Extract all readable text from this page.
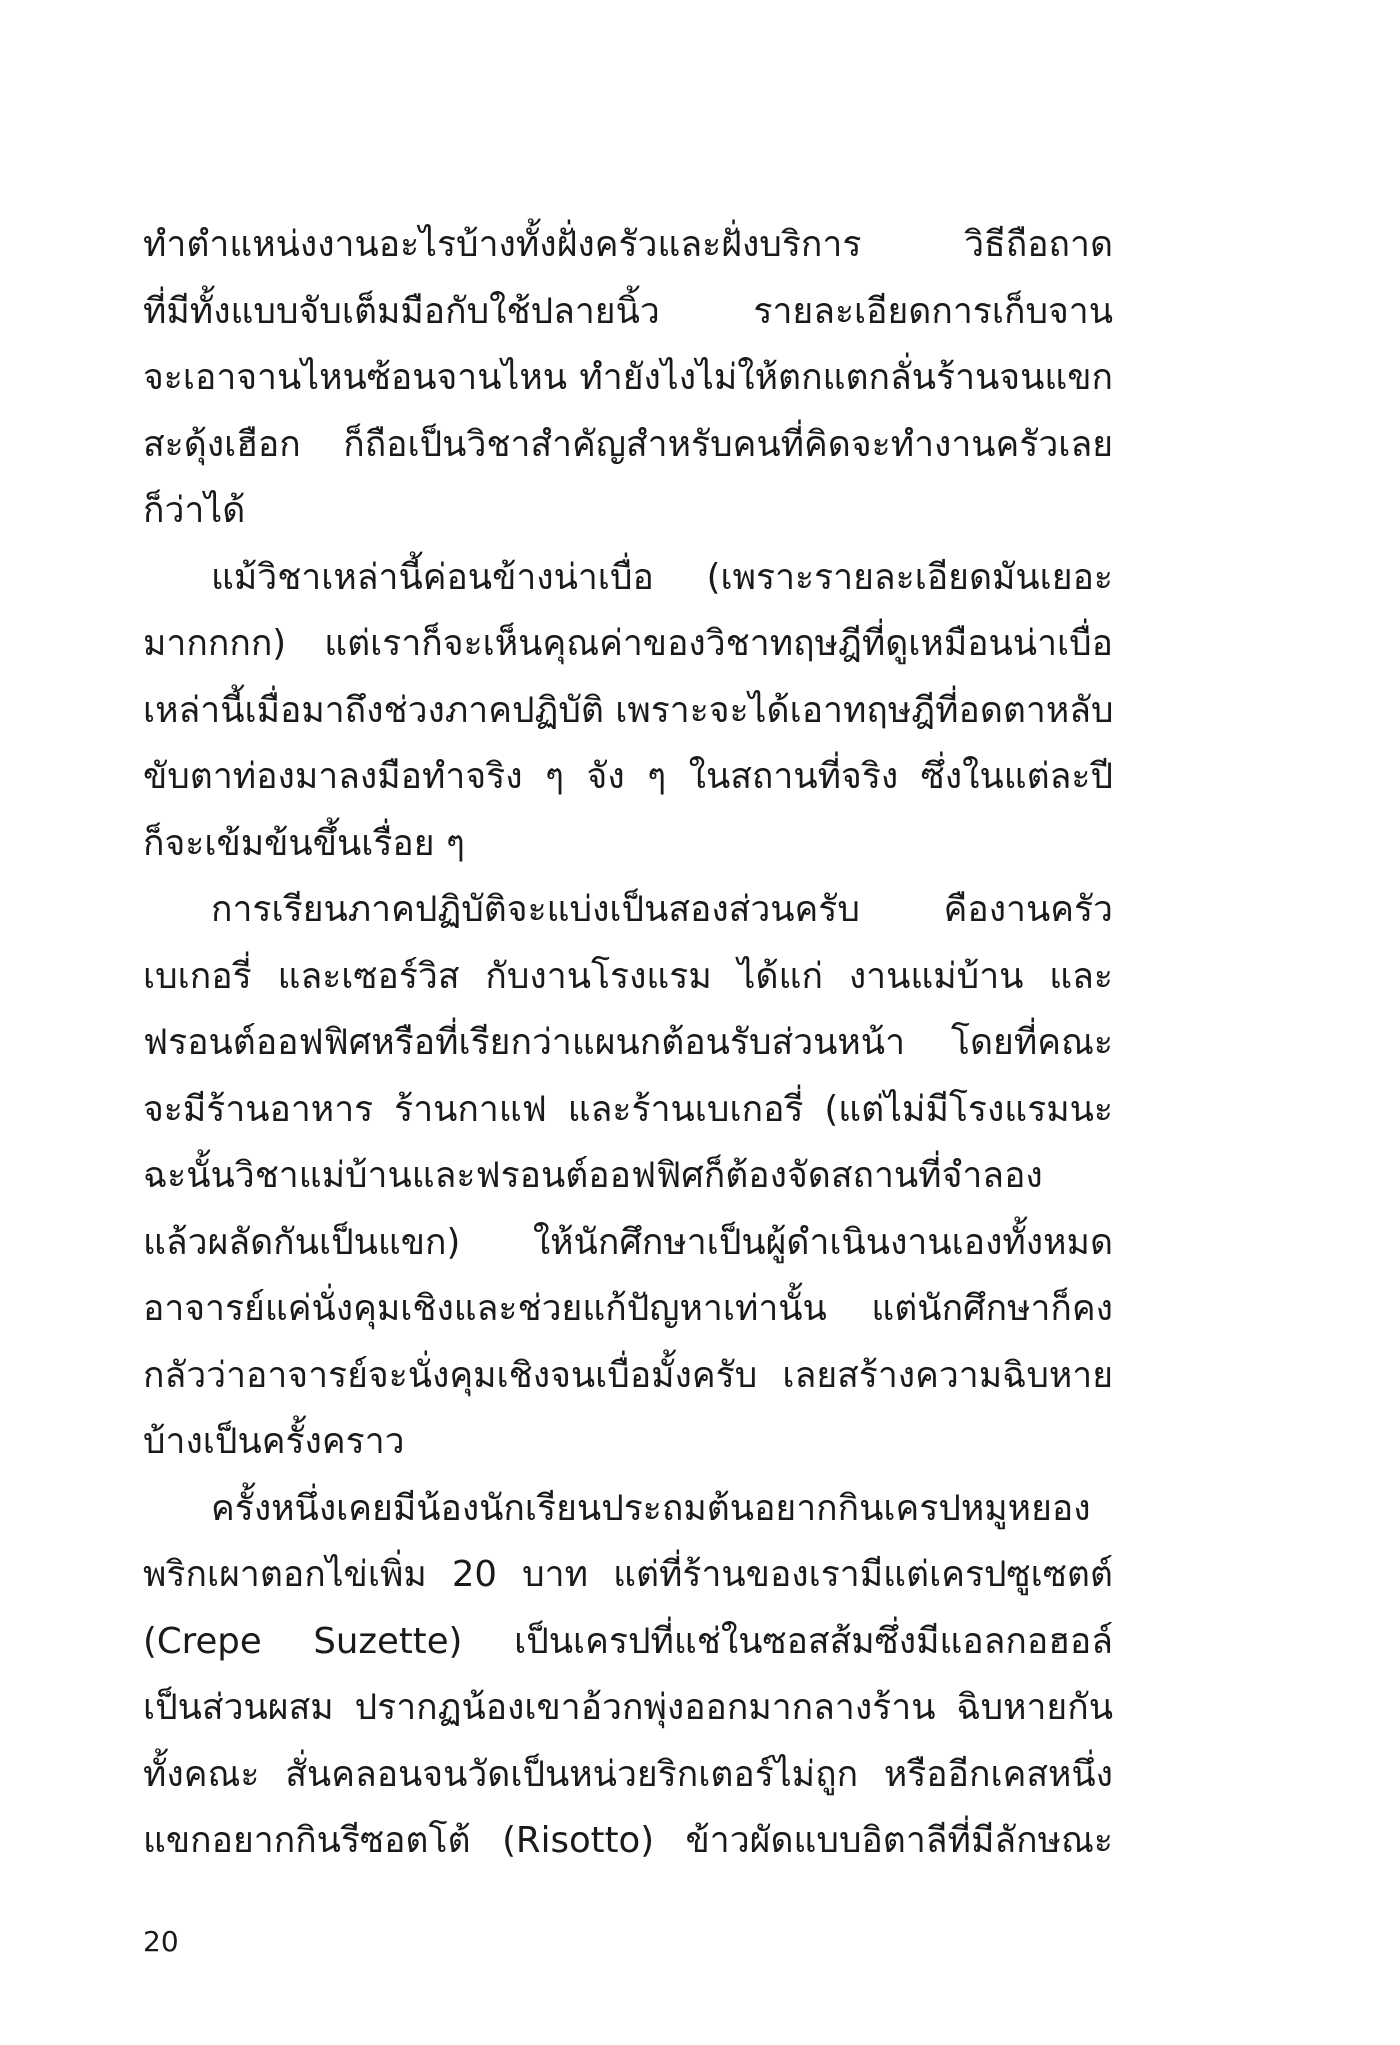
ทำตำแหน่งงานอะไรบ้างทั้งฝั่งครัวและฝั่งบริการ วิธีถือถาด
ที่มีทั้งแบบจับเต็มมือกับใช้ปลายนิ้ว รายละเอียดการเก็บจาน
จะเอาจานไหนซ้อนจานไหน ทำยังไงไม่ให้ตกแตกลั่นร้านจนแขก
สะดุ้งเฮือก ก็ถือเป็นวิชาสำคัญสำหรับคนที่คิดจะทำงานครัวเลย
ก็ว่าได้
แม้วิชาเหล่านี้ค่อนข้างน่าเบื่อ (เพราะรายละเอียดมันเยอะ
มากกกก) แต่เราก็จะเห็นคุณค่าของวิชาทฤษฎีที่ดูเหมือนน่าเบื่อ
เหล่านี้เมื่อมาถึงช่วงภาคปฏิบัติ เพราะจะได้เอาทฤษฎีที่อดตาหลับ
ขับตาท่องมาลงมือทำจริง ๆ จัง ๆ ในสถานที่จริง ซึ่งในแต่ละปี
ก็จะเข้มข้นขึ้นเรื่อย ๆ
การเรียนภาคปฏิบัติจะแบ่งเป็นสองส่วนครับ คืองานครัว
เบเกอรี่ และเซอร์วิส กับงานโรงแรม ได้แก่ งานแม่บ้าน และ
ฟรอนต์ออฟฟิศหรือที่เรียกว่าแผนกต้อนรับส่วนหน้า โดยที่คณะ
จะมีร้านอาหาร ร้านกาแฟ และร้านเบเกอรี่ (แต่ไม่มีโรงแรมนะ
ฉะนั้นวิชาแม่บ้านและฟรอนต์ออฟฟิศก็ต้องจัดสถานที่จำลอง
แล้วผลัดกันเป็นแขก) ให้นักศึกษาเป็นผู้ดำเนินงานเองทั้งหมด
อาจารย์แค่นั่งคุมเชิงและช่วยแก้ปัญหาเท่านั้น แต่นักศึกษาก็คง
กลัวว่าอาจารย์จะนั่งคุมเชิงจนเบื่อมั้งครับ เลยสร้างความฉิบหาย
บ้างเป็นครั้งคราว
ครั้งหนึ่งเคยมีน้องนักเรียนประถมต้นอยากกินเครปหมูหยอง
พริกเผาตอกไข่เพิ่ม 20 บาท แต่ที่ร้านของเรามีแต่เครปซูเซตต์
(Crepe Suzette) เป็นเครปที่แช่ในซอสส้มซึ่งมีแอลกอฮอล์
เป็นส่วนผสม ปรากฏน้องเขาอ้วกพุ่งออกมากลางร้าน ฉิบหายกัน
ทั้งคณะ สั่นคลอนจนวัดเป็นหน่วยริกเตอร์ไม่ถูก หรืออีกเคสหนึ่ง
แขกอยากกินรีซอตโต้ (Risotto) ข้าวผัดแบบอิตาลีที่มีลักษณะ
20
